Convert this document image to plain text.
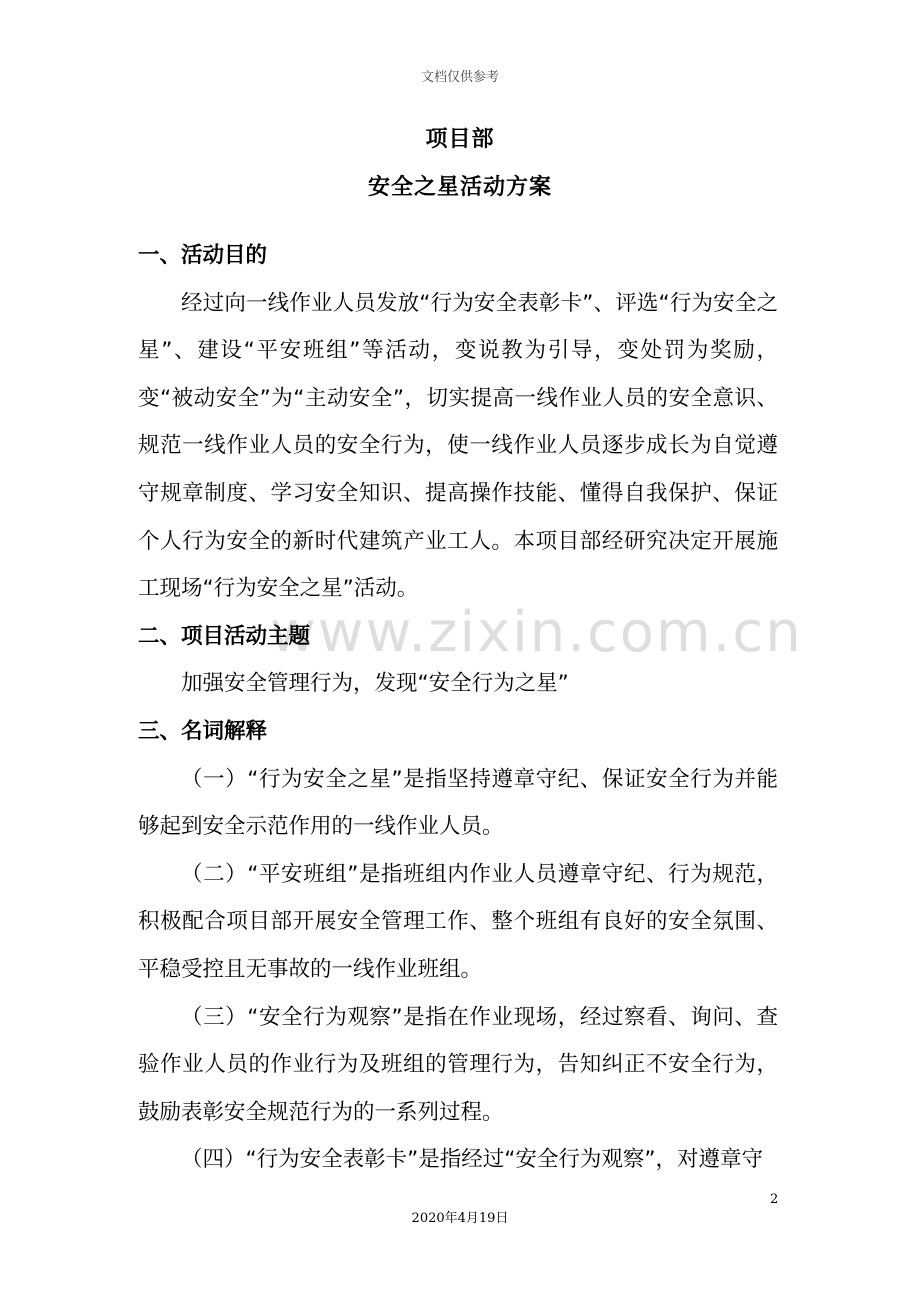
文档仅供参考
项目部
安全之星活动方案
一、活动目的

经过向一线作业人员发放“行为安全表彰卡”、评选“行为安全之星”、建设“平安班组”等活动，变说教为引导，变处罚为奖励，变“被动安全”为“主动安全”，切实提高一线作业人员的安全意识、规范一线作业人员的安全行为，使一线作业人员逐步成长为自觉遵守规章制度、学习安全知识、提高操作技能、懂得自我保护、保证个人行为安全的新时代建筑产业工人。本项目部经研究决定开展施工现场“行为安全之星”活动。

二、项目活动主题

加强安全管理行为，发现“安全行为之星”

三、名词解释

（一）“行为安全之星”是指坚持遵章守纪、保证安全行为并能够起到安全示范作用的一线作业人员。

（二）“平安班组”是指班组内作业人员遵章守纪、行为规范，积极配合项目部开展安全管理工作、整个班组有良好的安全氛围、平稳受控且无事故的一线作业班组。

（三）“安全行为观察”是指在作业现场，经过察看、询问、查验作业人员的作业行为及班组的管理行为，告知纠正不安全行为，鼓励表彰安全规范行为的一系列过程。

（四）“行为安全表彰卡”是指经过“安全行为观察”，对遵章守

www.zixin.com.cn
2
2020年4月19日
